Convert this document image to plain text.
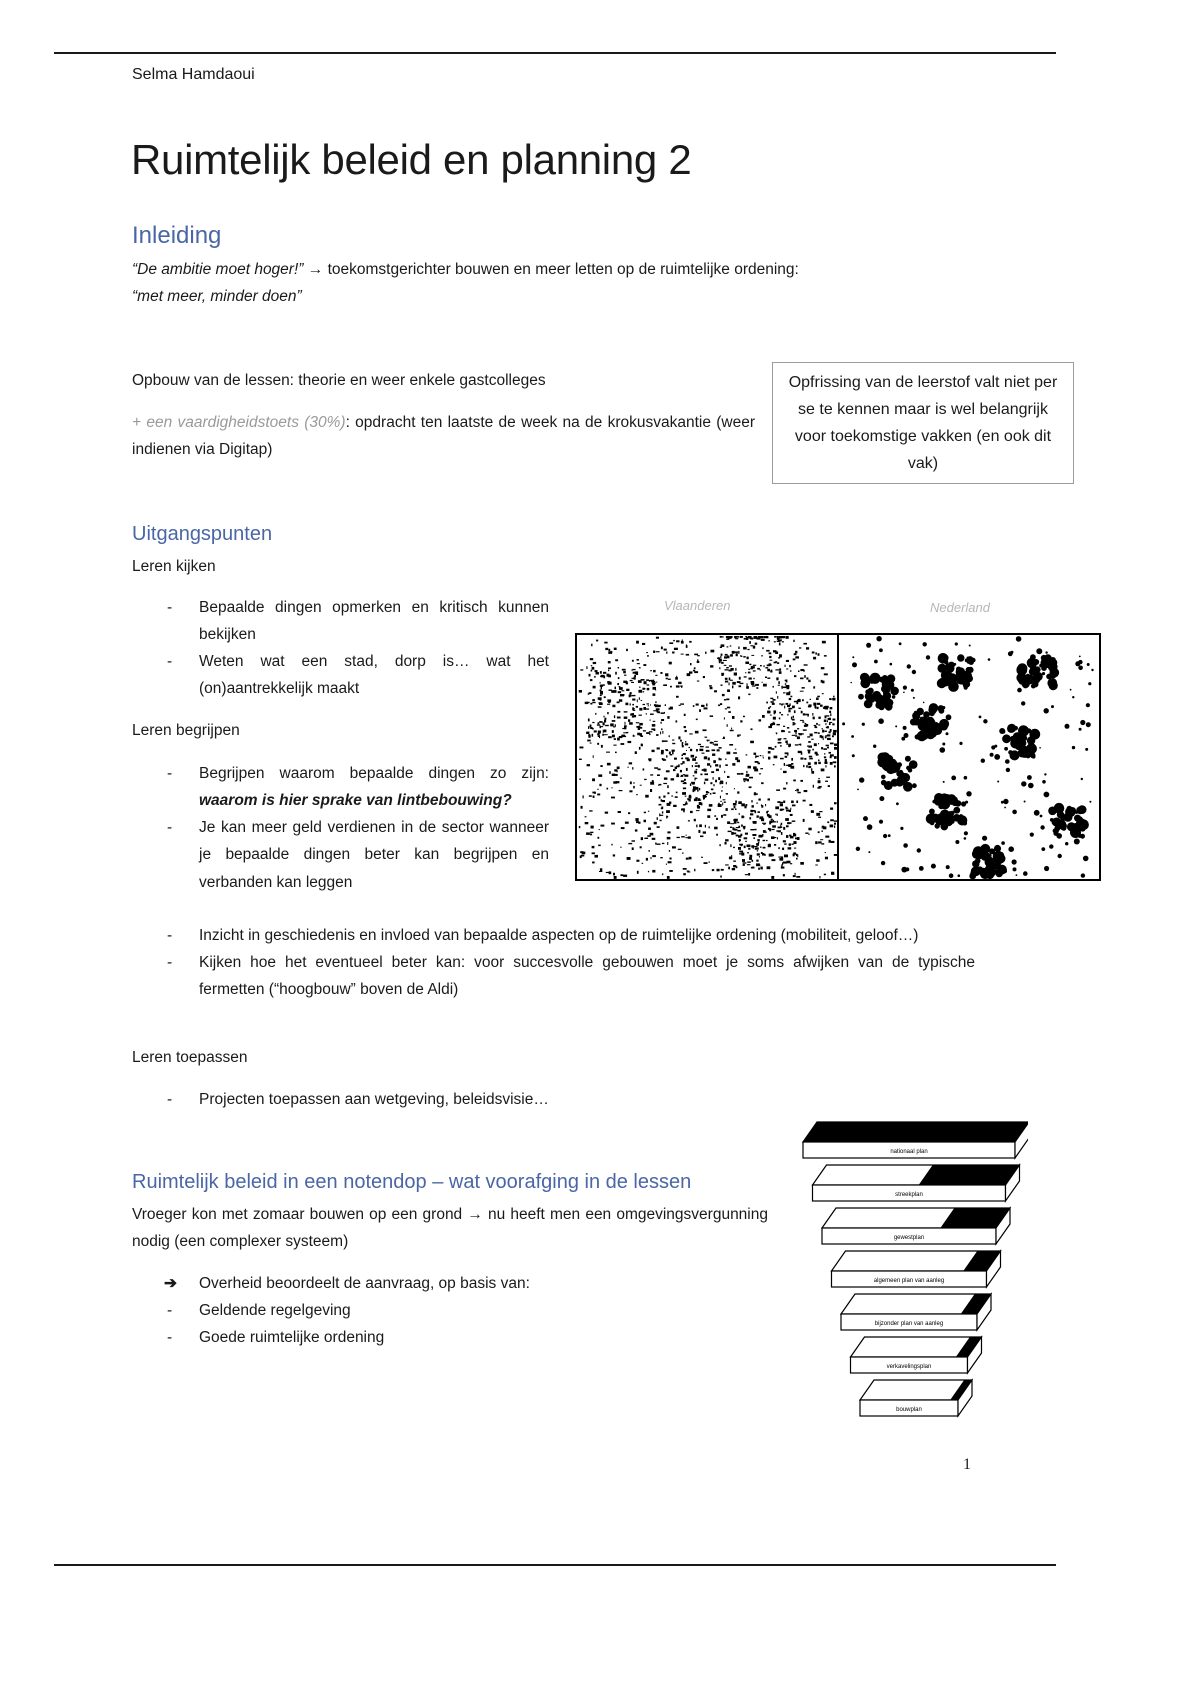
Selma Hamdaoui
Ruimtelijk beleid en planning 2
Inleiding
“De ambitie moet hoger!” → toekomstgerichter bouwen en meer letten op de ruimtelijke ordening:
“met meer, minder doen”
Opbouw van de lessen: theorie en weer enkele gastcolleges
+ een vaardigheidstoets (30%): opdracht ten laatste de week na de krokusvakantie (weer indienen via Digitap)
Opfrissing van de leerstof valt niet per se te kennen maar is wel belangrijk voor toekomstige vakken (en ook dit vak)
Uitgangspunten
Leren kijken
- Bepaalde dingen opmerken en kritisch kunnen bekijken
- Weten wat een stad, dorp is… wat het (on)aantrekkelijk maakt
Leren begrijpen
- Begrijpen waarom bepaalde dingen zo zijn: waarom is hier sprake van lintbebouwing?
- Je kan meer geld verdienen in de sector wanneer je bepaalde dingen beter kan begrijpen en verbanden kan leggen
- Inzicht in geschiedenis en invloed van bepaalde aspecten op de ruimtelijke ordening (mobiliteit, geloof…)
- Kijken hoe het eventueel beter kan: voor succesvolle gebouwen moet je soms afwijken van de typische fermetten (“hoogbouw” boven de Aldi)
Leren toepassen
- Projecten toepassen aan wetgeving, beleidsvisie…
Vlaanderen	Nederland
Ruimtelijk beleid in een notendop – wat voorafging in de lessen
Vroeger kon met zomaar bouwen op een grond → nu heeft men een omgevingsvergunning nodig (een complexer systeem)
➔ Overheid beoordeelt de aanvraag, op basis van:
- Geldende regelgeving
- Goede ruimtelijke ordening
nationaal plan
streekplan
gewestplan
algemeen plan van aanleg
bijzonder plan van aanleg
verkavelingsplan
bouwplan
1
